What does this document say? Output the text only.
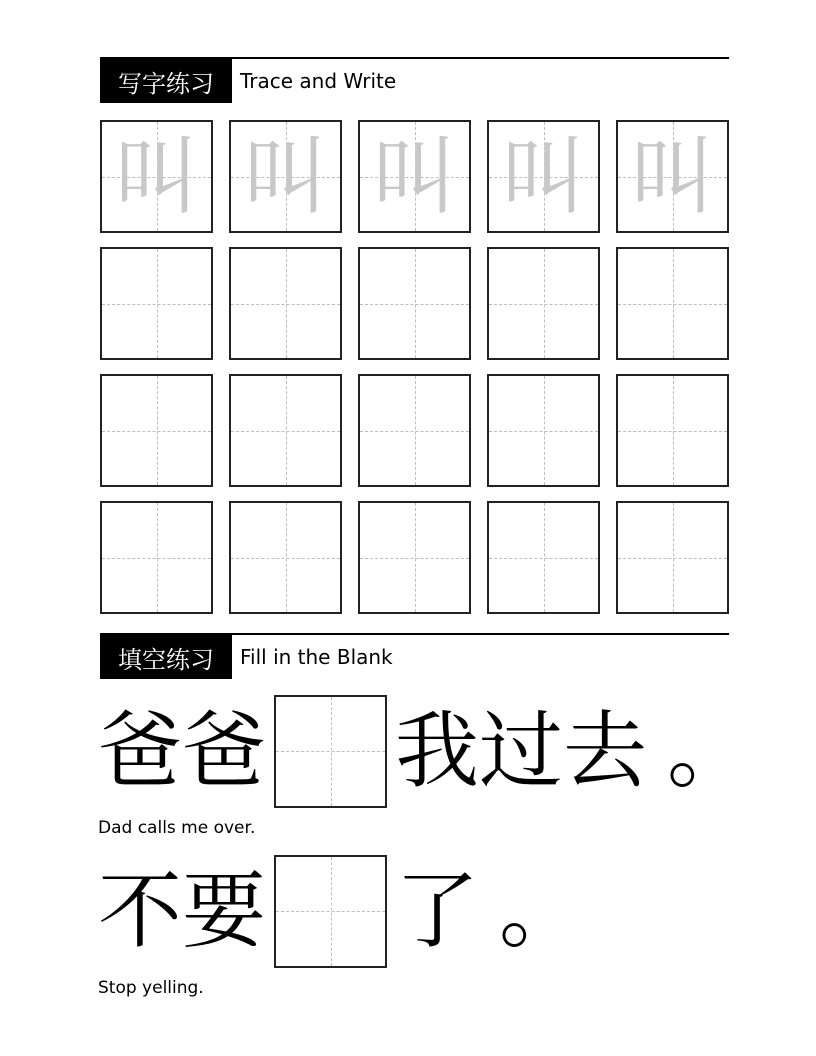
写字练习	Trace and Write
叫 叫 叫 叫 叫
填空练习	Fill in the Blank
爸爸 我过去 。
Dad calls me over.
不要 了 。
Stop yelling.
